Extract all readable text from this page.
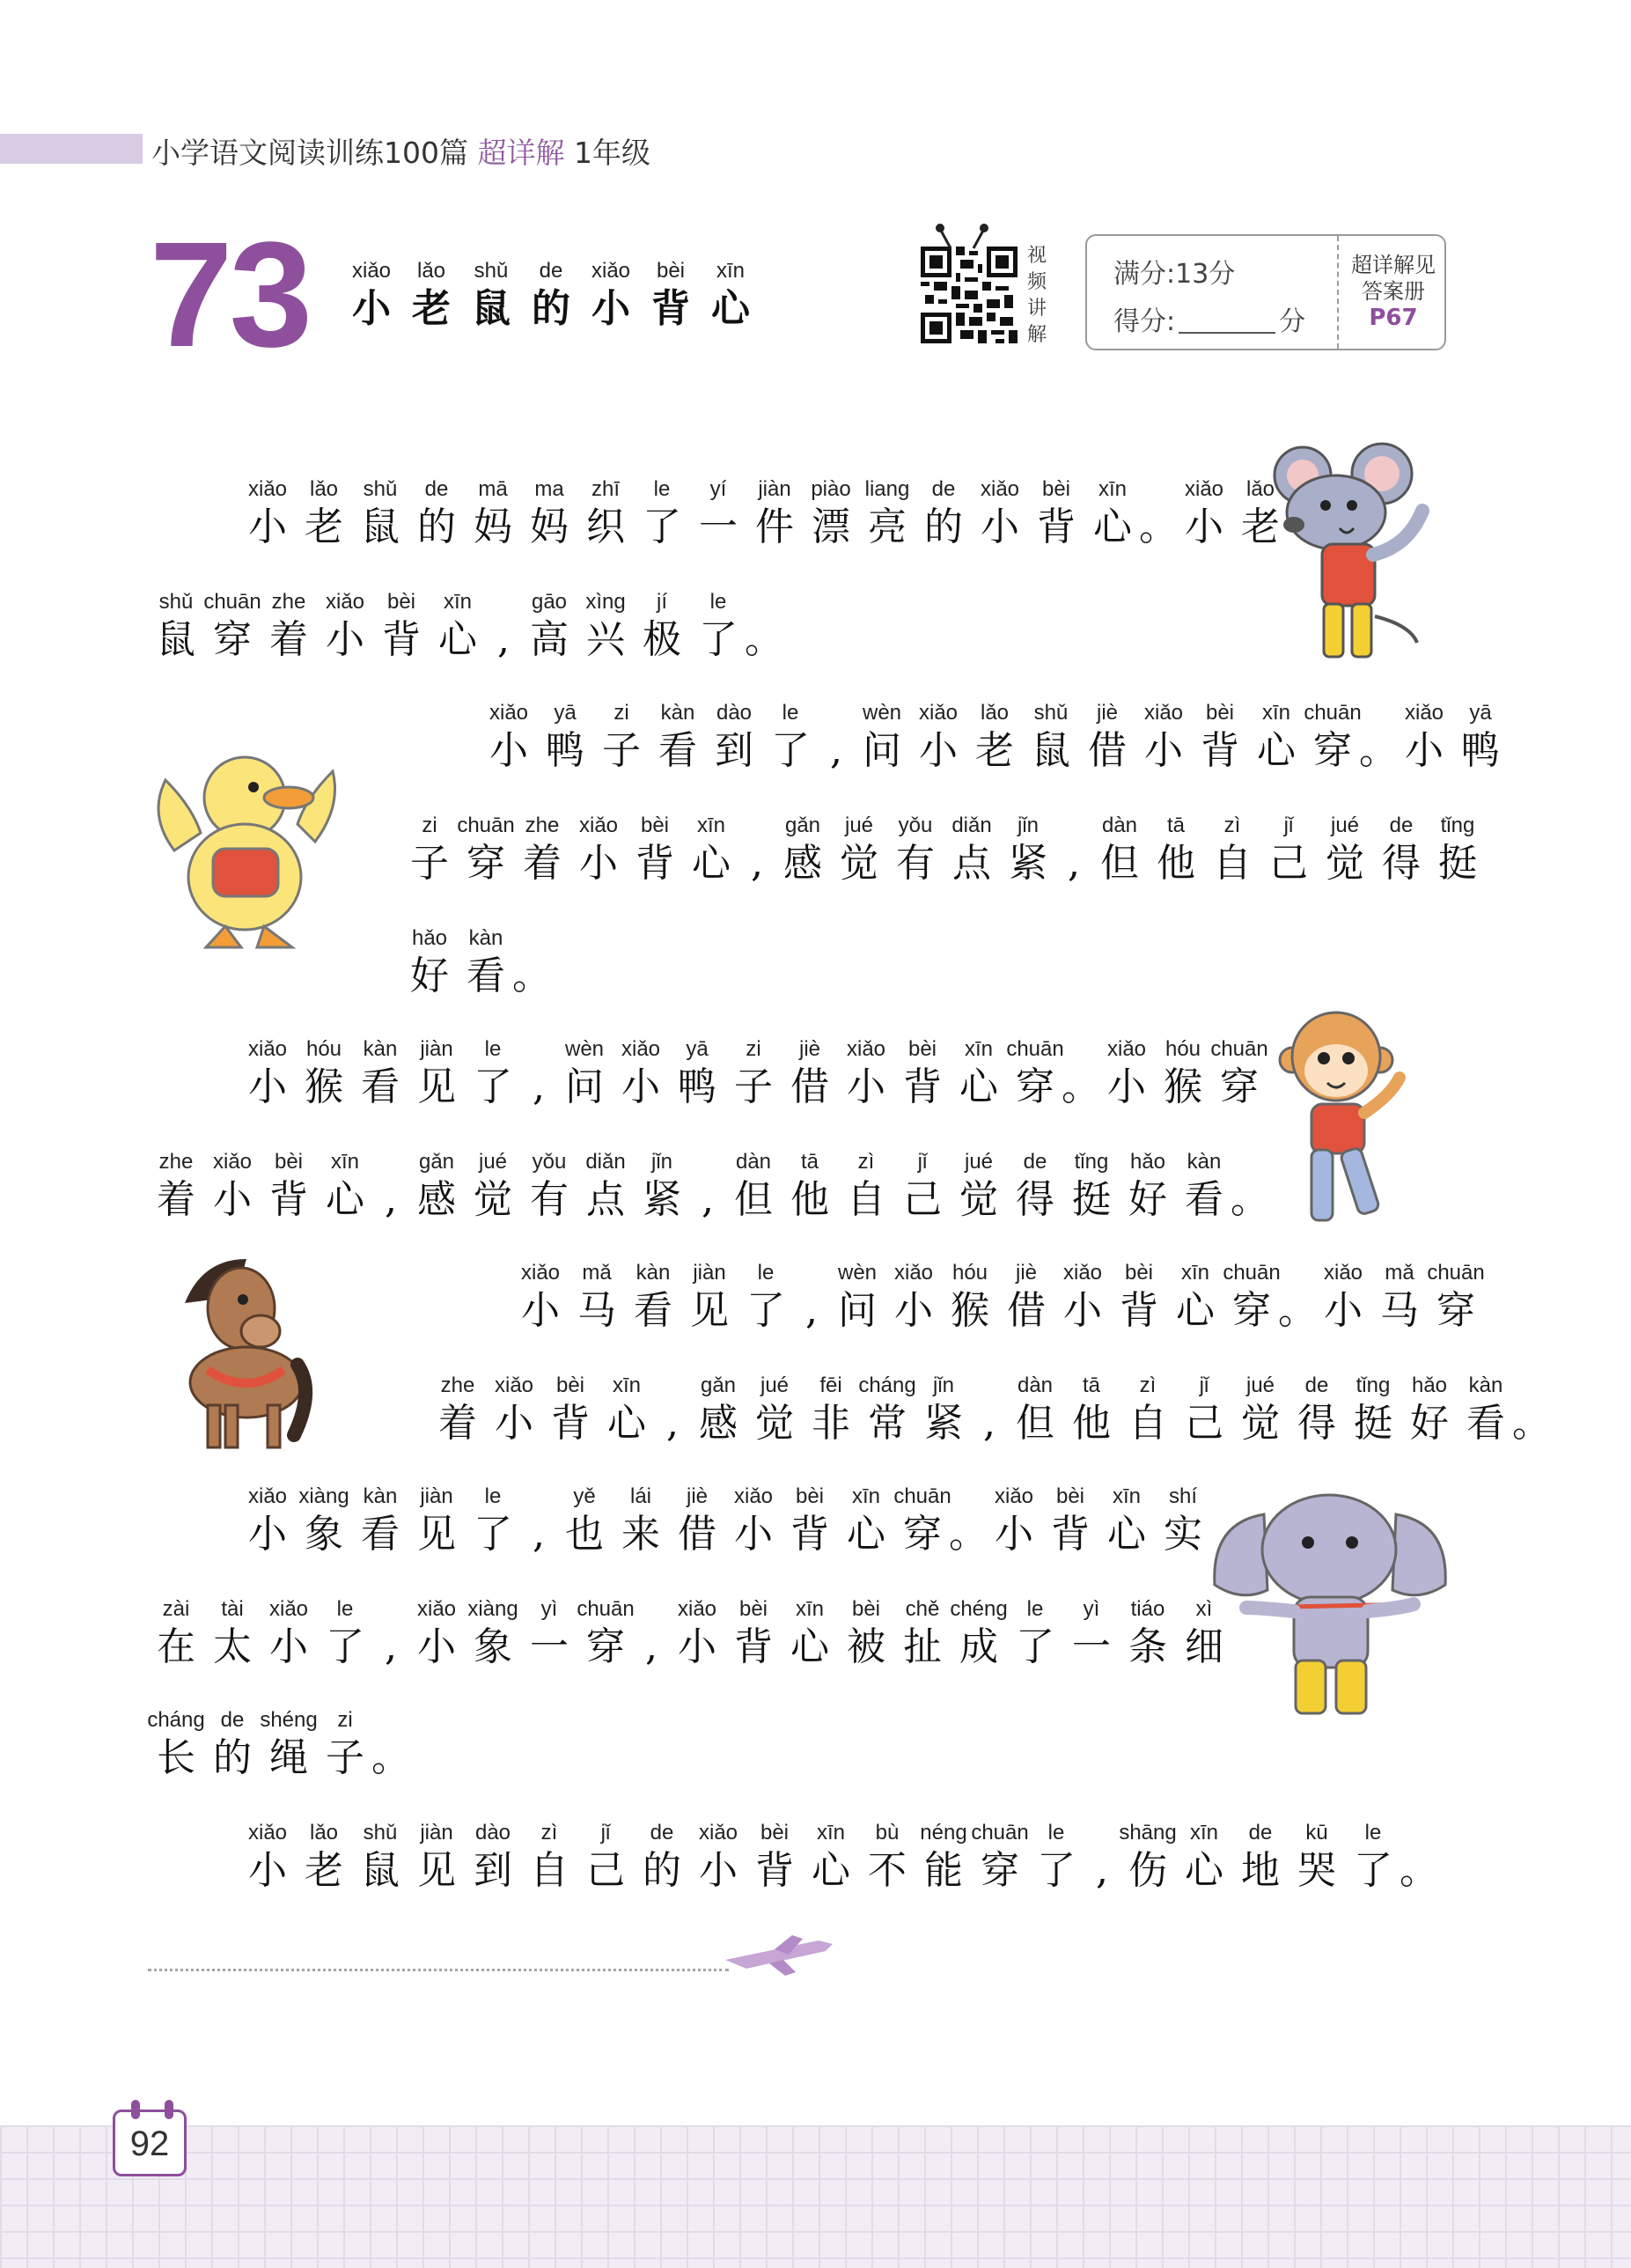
小学语文阅读训练100篇 超详解 1年级
73 xiǎo
小
lǎo
老
shǔ
鼠
de
的
xiǎo
小
bèi
背
xīn
心
视
频
讲
解
满分:13分
得分:	分
超详解见
答案册
P67
xiǎo
小
lǎo
老
shǔ
鼠
de
的
mā
妈
ma
妈
zhī
织
le
了
yí
一
jiàn
件
piào
漂
liang
亮
de
的
xiǎo
小
bèi
背
xīn
心 。
xiǎo
小
lǎo
老
shǔ
鼠
chuān
穿
zhe
着
xiǎo
小
bèi
背
xīn
心 ,
gāo
高
xìng
兴
jí
极
le
了 。
xiǎo
小
yā
鸭
zi
子
kàn
看
dào
到
le
了 ,
wèn
问
xiǎo
小
lǎo
老
shǔ
鼠
jiè
借
xiǎo
小
bèi
背
xīn
心
chuān
穿 。
xiǎo
小
yā
鸭
zi
子
chuān
穿
zhe
着
xiǎo
小
bèi
背
xīn
心 ,
gǎn
感
jué
觉
yǒu
有
diǎn
点
jǐn
紧 ,
dàn
但
tā
他
zì
自
jǐ
己
jué
觉
de
得
tǐng
挺
hǎo
好
kàn
看 。
xiǎo
小
hóu
猴
kàn
看
jiàn
见
le
了 ,
wèn
问
xiǎo
小
yā
鸭
zi
子
jiè
借
xiǎo
小
bèi
背
xīn
心
chuān
穿 。
xiǎo
小
hóu
猴
chuān
穿
zhe
着
xiǎo
小
bèi
背
xīn
心 ,
gǎn
感
jué
觉
yǒu
有
diǎn
点
jǐn
紧 ,
dàn
但
tā
他
zì
自
jǐ
己
jué
觉
de
得
tǐng
挺
hǎo
好
kàn
看 。
xiǎo
小
mǎ
马
kàn
看
jiàn
见
le
了 ,
wèn
问
xiǎo
小
hóu
猴
jiè
借
xiǎo
小
bèi
背
xīn
心
chuān
穿 。
xiǎo
小
mǎ
马
chuān
穿
zhe
着
xiǎo
小
bèi
背
xīn
心 ,
gǎn
感
jué
觉
fēi
非
cháng
常
jǐn
紧 ,
dàn
但
tā
他
zì
自
jǐ
己
jué
觉
de
得
tǐng
挺
hǎo
好
kàn
看 。
xiǎo
小
xiàng
象
kàn
看
jiàn
见
le
了 ,
yě
也
lái
来
jiè
借
xiǎo
小
bèi
背
xīn
心
chuān
穿 。
xiǎo
小
bèi
背
xīn
心
shí
实
zài
在
tài
太
xiǎo
小
le
了 ,
xiǎo
小
xiàng
象
yì
一
chuān
穿 ,
xiǎo
小
bèi
背
xīn
心
bèi
被
chě
扯
chéng
成
le
了
yì
一
tiáo
条
xì
细
cháng
长
de
的
shéng
绳
zi
子 。
xiǎo
小
lǎo
老
shǔ
鼠
jiàn
见
dào
到
zì
自
jǐ
己
de
的
xiǎo
小
bèi
背
xīn
心
bù
不
néng
能
chuān
穿
le
了 ,
shāng
伤
xīn
心
de
地
kū
哭
le
了 。
92
